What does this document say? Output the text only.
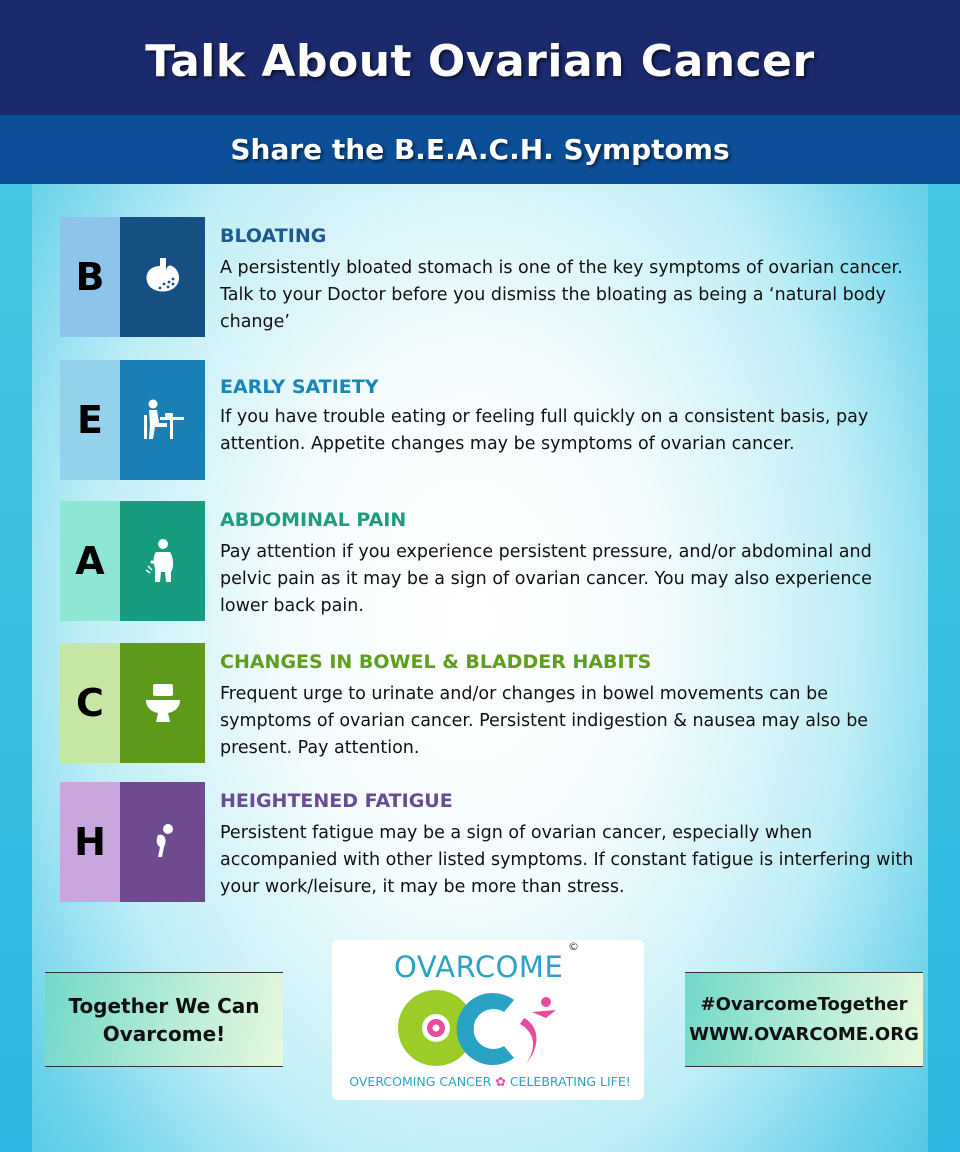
Talk About Ovarian Cancer
Share the B.E.A.C.H. Symptoms
B
BLOATING
A persistently bloated stomach is one of the key symptoms of ovarian cancer. Talk to your Doctor before you dismiss the bloating as being a ‘natural body change’
E
EARLY SATIETY
If you have trouble eating or feeling full quickly on a consistent basis, pay attention. Appetite changes may be symptoms of ovarian cancer.
A
ABDOMINAL PAIN
Pay attention if you experience persistent pressure, and/or abdominal and pelvic pain as it may be a sign of ovarian cancer. You may also experience lower back pain.
C
CHANGES IN BOWEL & BLADDER HABITS
Frequent urge to urinate and/or changes in bowel movements can be symptoms of ovarian cancer. Persistent indigestion & nausea may also be present. Pay attention.
H
HEIGHTENED FATIGUE
Persistent fatigue may be a sign of ovarian cancer, especially when accompanied with other listed symptoms. If constant fatigue is interfering with your work/leisure, it may be more than stress.
Together We Can
Ovarcome!
#OvarcomeTogether
WWW.OVARCOME.ORG
OVARCOME
©
OVERCOMING CANCER ✿ CELEBRATING LIFE!
